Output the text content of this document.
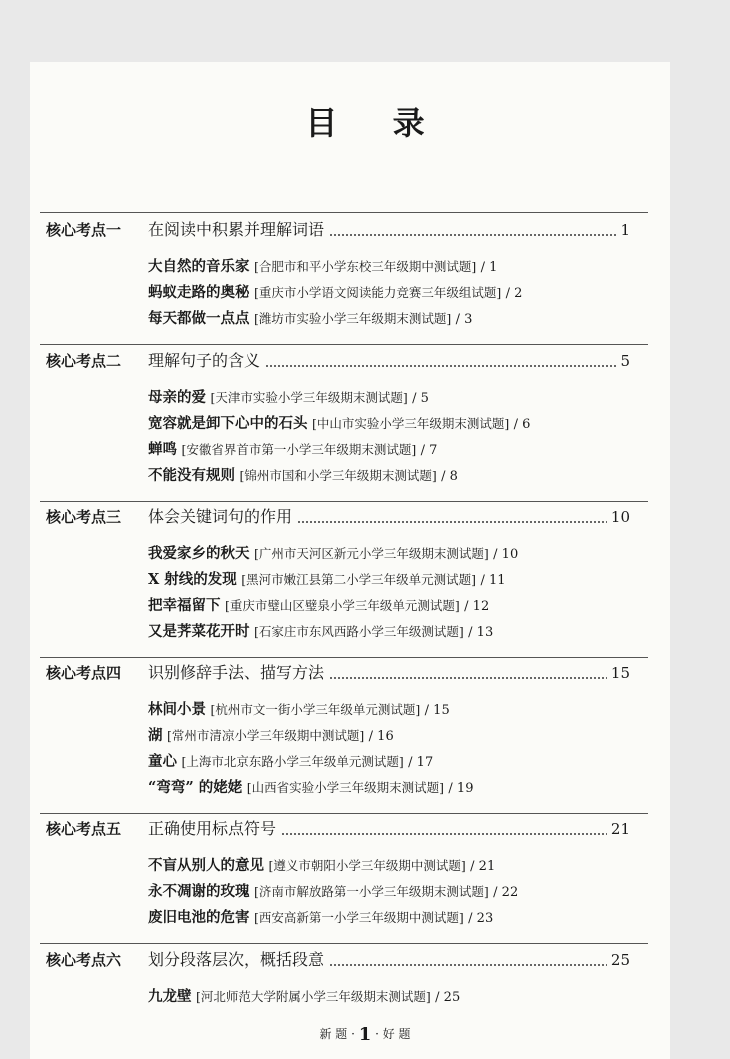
目 录
核心考点一 在阅读中积累并理解词语	1
大自然的音乐家 [合肥市和平小学东校三年级期中测试题] / 1
蚂蚁走路的奥秘 [重庆市小学语文阅读能力竞赛三年级组试题] / 2
每天都做一点点 [潍坊市实验小学三年级期末测试题] / 3
核心考点二 理解句子的含义	5
母亲的爱 [天津市实验小学三年级期末测试题] / 5
宽容就是卸下心中的石头 [中山市实验小学三年级期末测试题] / 6
蝉鸣 [安徽省界首市第一小学三年级期末测试题] / 7
不能没有规则 [锦州市国和小学三年级期末测试题] / 8
核心考点三 体会关键词句的作用	10
我爱家乡的秋天 [广州市天河区新元小学三年级期末测试题] / 10
X 射线的发现 [黑河市嫩江县第二小学三年级单元测试题] / 11
把幸福留下 [重庆市璧山区璧泉小学三年级单元测试题] / 12
又是荠菜花开时 [石家庄市东风西路小学三年级测试题] / 13
核心考点四 识别修辞手法、描写方法	15
林间小景 [杭州市文一街小学三年级单元测试题] / 15
湖 [常州市清凉小学三年级期中测试题] / 16
童心 [上海市北京东路小学三年级单元测试题] / 17
“弯弯” 的姥姥 [山西省实验小学三年级期末测试题] / 19
核心考点五 正确使用标点符号	21
不盲从别人的意见 [遵义市朝阳小学三年级期中测试题] / 21
永不凋谢的玫瑰 [济南市解放路第一小学三年级期末测试题] / 22
废旧电池的危害 [西安高新第一小学三年级期中测试题] / 23
核心考点六 划分段落层次，概括段意	25
九龙壁 [河北师范大学附属小学三年级期末测试题] / 25
新 题 · 1 · 好 题
